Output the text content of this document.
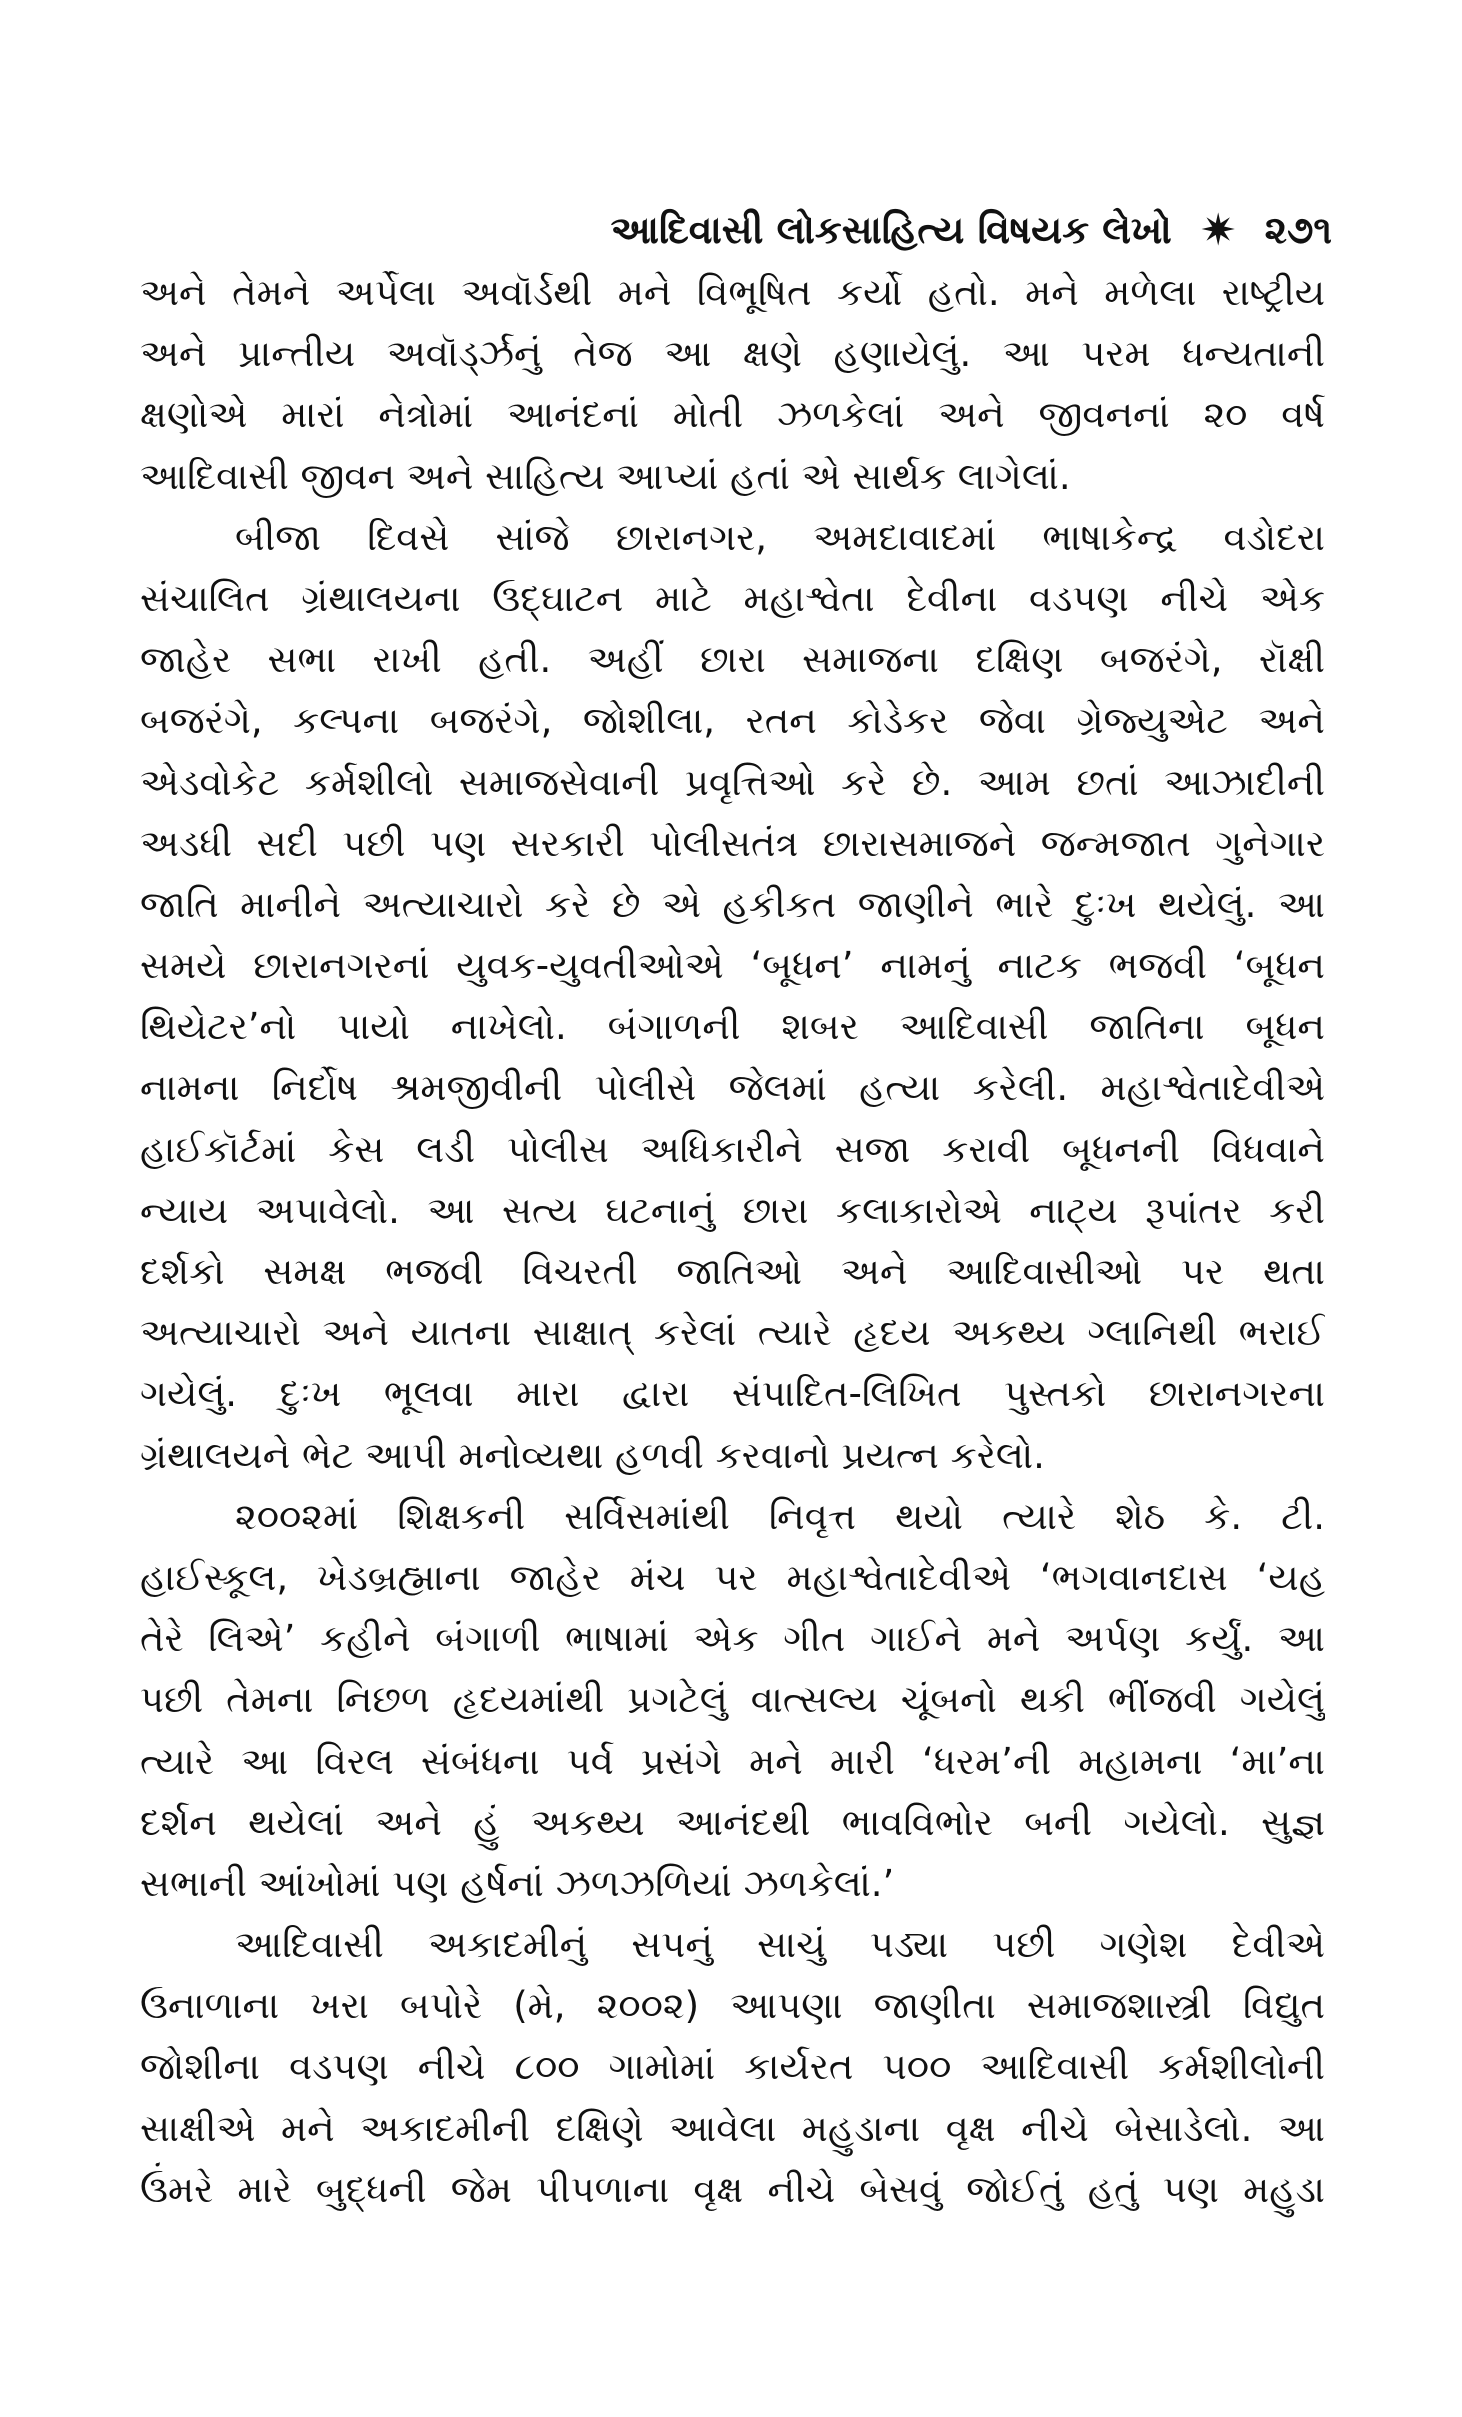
આદિવાસી લોકસાહિત્ય વિષયક લેખો ✷ ૨૭૧
અને તેમને અર્પેલા અવૉર્ડથી મને વિભૂષિત કર્યો હતો. મને મળેલા રાષ્ટ્રીય
અને પ્રાન્તીય અવૉર્ડ્ઝનું તેજ આ ક્ષણે હણાયેલું. આ પરમ ધન્યતાની
ક્ષણોએ મારાં નેત્રોમાં આનંદનાં મોતી ઝળકેલાં અને જીવનનાં ૨૦ વર્ષ
આદિવાસી જીવન અને સાહિત્ય આપ્યાં હતાં એ સાર્થક લાગેલાં.
બીજા દિવસે સાંજે છારાનગર, અમદાવાદમાં ભાષાકેન્દ્ર વડોદરા
સંચાલિત ગ્રંથાલયના ઉદ્ઘાટન માટે મહાશ્વેતા દેવીના વડપણ નીચે એક
જાહેર સભા રાખી હતી. અહીં છારા સમાજના દક્ષિણ બજરંગે, રૉક્ષી
બજરંગે, કલ્પના બજરંગે, જોશીલા, રતન કોડેકર જેવા ગ્રેજ્યુએટ અને
એડવોકેટ કર્મશીલો સમાજસેવાની પ્રવૃત્તિઓ કરે છે. આમ છતાં આઝાદીની
અડધી સદી પછી પણ સરકારી પોલીસતંત્ર છારાસમાજને જન્મજાત ગુનેગાર
જાતિ માનીને અત્યાચારો કરે છે એ હકીકત જાણીને ભારે દુઃખ થયેલું. આ
સમયે છારાનગરનાં યુવક-યુવતીઓએ ‘બૂધન’ નામનું નાટક ભજવી ‘બૂધન
થિયેટર’નો પાયો નાખેલો. બંગાળની શબર આદિવાસી જાતિના બૂધન
નામના નિર્દોષ શ્રમજીવીની પોલીસે જેલમાં હત્યા કરેલી. મહાશ્વેતાદેવીએ
હાઈકૉર્ટમાં કેસ લડી પોલીસ અધિકારીને સજા કરાવી બૂધનની વિધવાને
ન્યાય અપાવેલો. આ સત્ય ઘટનાનું છારા કલાકારોએ નાટ્ય રૂપાંતર કરી
દર્શકો સમક્ષ ભજવી વિચરતી જાતિઓ અને આદિવાસીઓ પર થતા
અત્યાચારો અને યાતના સાક્ષાત્ કરેલાં ત્યારે હૃદય અકથ્ય ગ્લાનિથી ભરાઈ
ગયેલું. દુઃખ ભૂલવા મારા દ્વારા સંપાદિત-લિખિત પુસ્તકો છારાનગરના
ગ્રંથાલયને ભેટ આપી મનોવ્યથા હળવી કરવાનો પ્રયત્ન કરેલો.
૨૦૦૨માં શિક્ષકની સર્વિસમાંથી નિવૃત્ત થયો ત્યારે શેઠ કે. ટી.
હાઈસ્કૂલ, ખેડબ્રહ્માના જાહેર મંચ પર મહાશ્વેતાદેવીએ ‘ભગવાનદાસ ‘યહ
તેરે લિએ’ કહીને બંગાળી ભાષામાં એક ગીત ગાઈને મને અર્પણ કર્યું. આ
પછી તેમના નિછળ હૃદયમાંથી પ્રગટેલું વાત્સલ્ય ચૂંબનો થકી ભીંજવી ગયેલું
ત્યારે આ વિરલ સંબંધના પર્વ પ્રસંગે મને મારી ‘ધરમ’ની મહામના ‘મા’ના
દર્શન થયેલાં અને હું અકથ્ય આનંદથી ભાવવિભોર બની ગયેલો. સુજ્ઞ
સભાની આંખોમાં પણ હર્ષનાં ઝળઝળિયાં ઝળકેલાં.’
આદિવાસી અકાદમીનું સપનું સાચું પડ્યા પછી ગણેશ દેવીએ
ઉનાળાના ખરા બપોરે (મે, ૨૦૦૨) આપણા જાણીતા સમાજશાસ્ત્રી વિદ્યુત
જોશીના વડપણ નીચે ૮૦૦ ગામોમાં કાર્યરત ૫૦૦ આદિવાસી કર્મશીલોની
સાક્ષીએ મને અકાદમીની દક્ષિણે આવેલા મહુડાના વૃક્ષ નીચે બેસાડેલો. આ
ઉંમરે મારે બુદ્ધની જેમ પીપળાના વૃક્ષ નીચે બેસવું જોઈતું હતું પણ મહુડા
